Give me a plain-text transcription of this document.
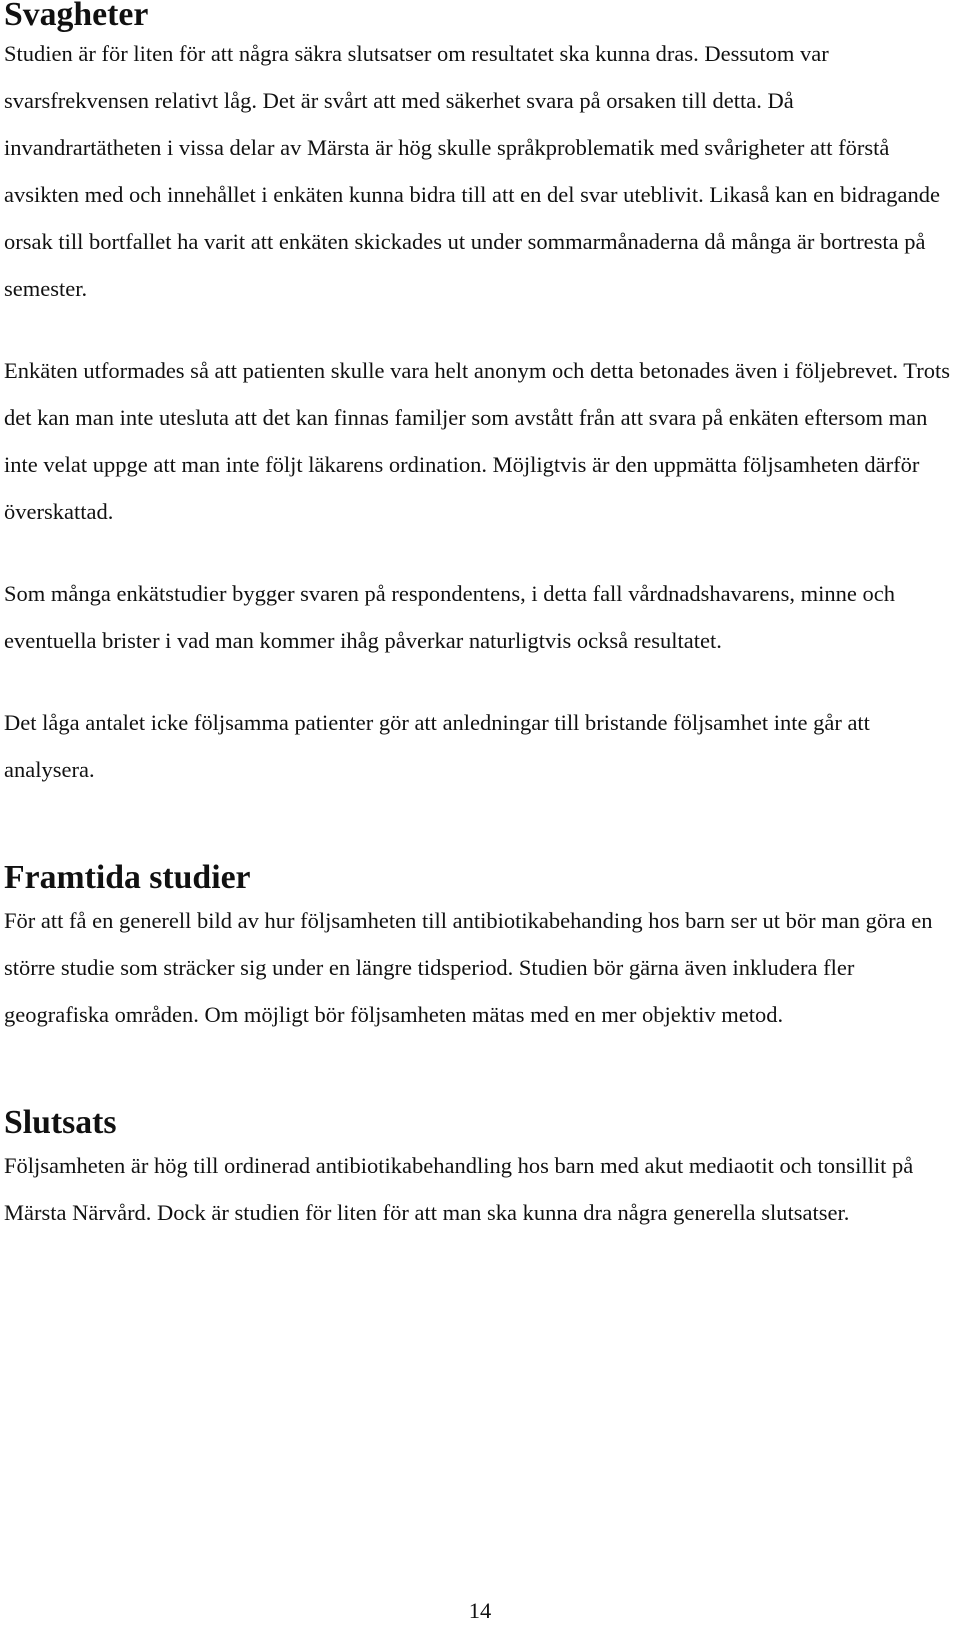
Svagheter

Studien är för liten för att några säkra slutsatser om resultatet ska kunna dras. Dessutom var svarsfrekvensen relativt låg. Det är svårt att med säkerhet svara på orsaken till detta. Då invandrartätheten i vissa delar av Märsta är hög skulle språkproblematik med svårigheter att förstå avsikten med och innehållet i enkäten kunna bidra till att en del svar uteblivit. Likaså kan en bidragande orsak till bortfallet ha varit att enkäten skickades ut under sommarmånaderna då många är bortresta på semester.

Enkäten utformades så att patienten skulle vara helt anonym och detta betonades även i följebrevet. Trots det kan man inte utesluta att det kan finnas familjer som avstått från att svara på enkäten eftersom man inte velat uppge att man inte följt läkarens ordination. Möjligtvis är den uppmätta följsamheten därför överskattad.

Som många enkätstudier bygger svaren på respondentens, i detta fall vårdnadshavarens, minne och eventuella brister i vad man kommer ihåg påverkar naturligtvis också resultatet.

Det låga antalet icke följsamma patienter gör att anledningar till bristande följsamhet inte går att analysera.

Framtida studier

För att få en generell bild av hur följsamheten till antibiotikabehanding hos barn ser ut bör man göra en större studie som sträcker sig under en längre tidsperiod. Studien bör gärna även inkludera fler geografiska områden. Om möjligt bör följsamheten mätas med en mer objektiv metod.

Slutsats

Följsamheten är hög till ordinerad antibiotikabehandling hos barn med akut mediaotit och tonsillit på Märsta Närvård. Dock är studien för liten för att man ska kunna dra några generella slutsatser.

14
